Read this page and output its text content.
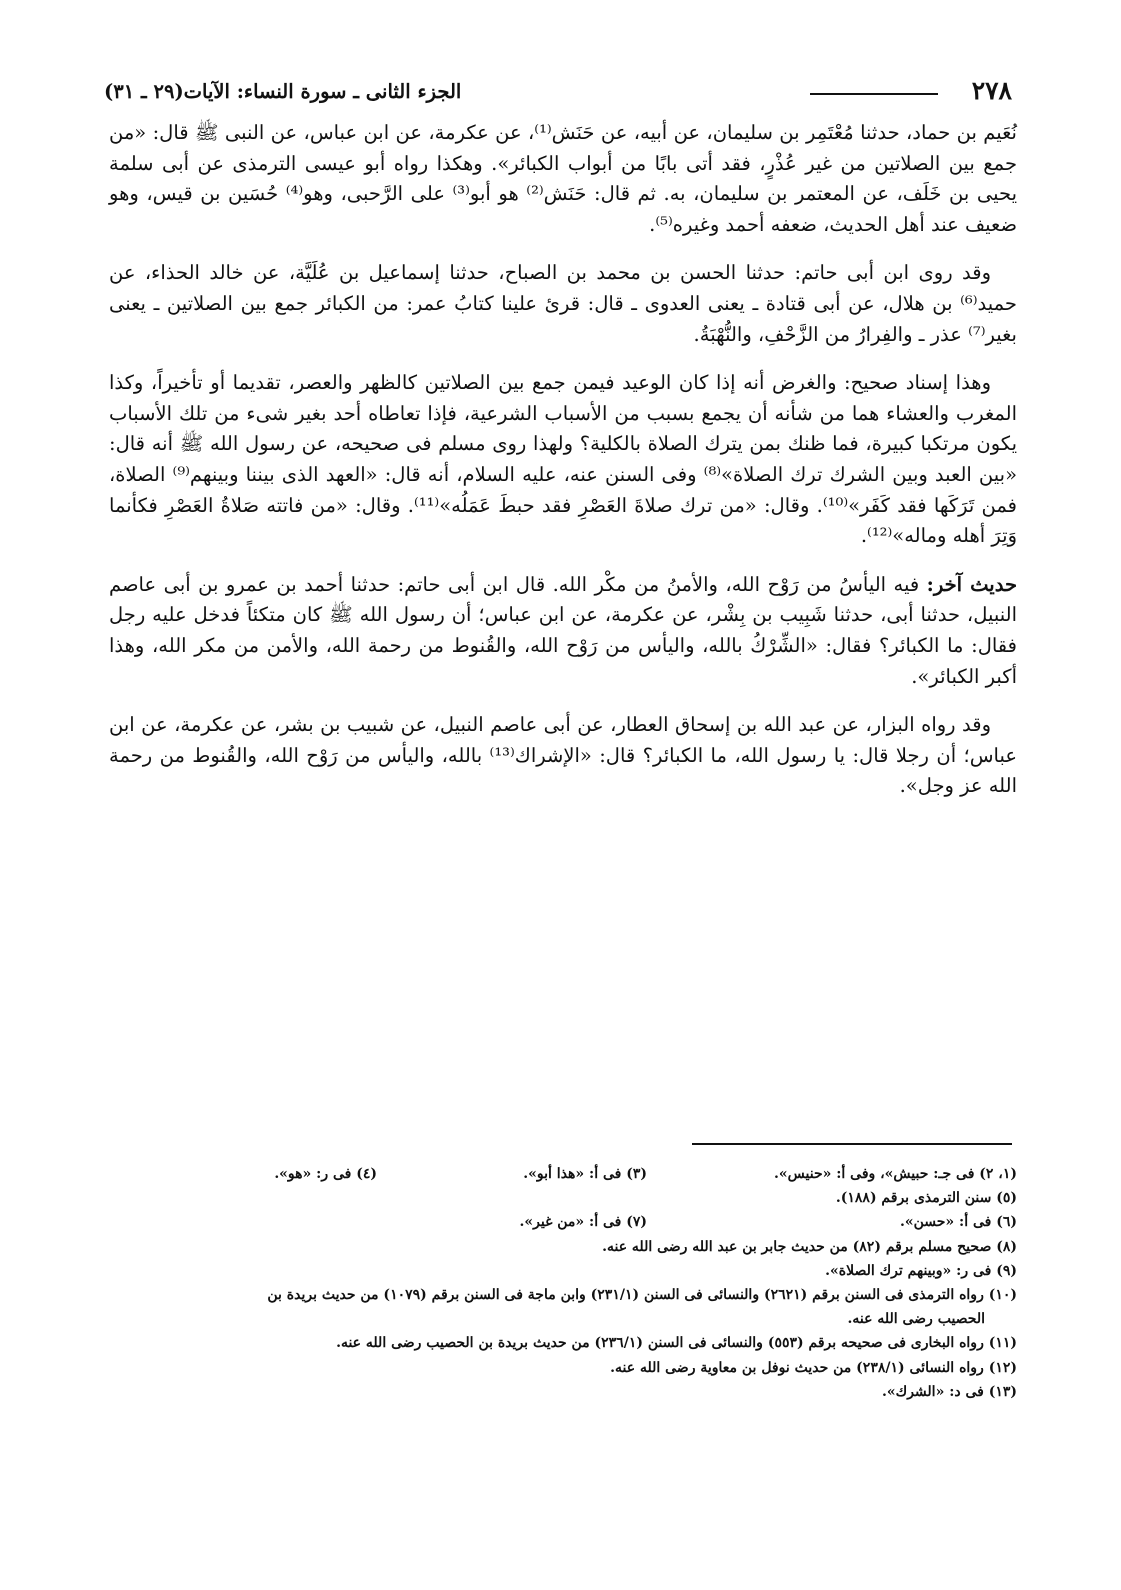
٢٧٨
الجزء الثانى ـ سورة النساء: الآيات(٢٩ ـ ٣١)

نُعَيم بن حماد، حدثنا مُعْتَمِر بن سليمان، عن أبيه، عن حَنَش⁽¹⁾، عن عكرمة، عن ابن عباس، عن النبى ﷺ قال: «من جمع بين الصلاتين من غير عُذْرٍ، فقد أتى بابًا من أبواب الكبائر». وهكذا رواه أبو عيسى الترمذى عن أبى سلمة يحيى بن خَلَف، عن المعتمر بن سليمان، به. ثم قال: حَنَش⁽²⁾ هو أبو⁽³⁾ على الرَّحبى، وهو⁽⁴⁾ حُسَين بن قيس، وهو ضعيف عند أهل الحديث، ضعفه أحمد وغيره⁽⁵⁾.

وقد روى ابن أبى حاتم: حدثنا الحسن بن محمد بن الصباح، حدثنا إسماعيل بن عُلَيَّة، عن خالد الحذاء، عن حميد⁽⁶⁾ بن هلال، عن أبى قتادة ـ يعنى العدوى ـ قال: قرئ علينا كتابُ عمر: من الكبائر جمع بين الصلاتين ـ يعنى بغير⁽⁷⁾ عذر ـ والفِرارُ من الزَّحْفِ، والنُّهْبَةُ.

وهذا إسناد صحيح: والغرض أنه إذا كان الوعيد فيمن جمع بين الصلاتين كالظهر والعصر، تقديما أو تأخيراً، وكذا المغرب والعشاء هما من شأنه أن يجمع بسبب من الأسباب الشرعية، فإذا تعاطاه أحد بغير شىء من تلك الأسباب يكون مرتكبا كبيرة، فما ظنك بمن يترك الصلاة بالكلية؟ ولهذا روى مسلم فى صحيحه، عن رسول الله ﷺ أنه قال: «بين العبد وبين الشرك ترك الصلاة»⁽⁸⁾ وفى السنن عنه، عليه السلام، أنه قال: «العهد الذى بيننا وبينهم⁽⁹⁾ الصلاة، فمن تَرَكَها فقد كَفَر»⁽¹⁰⁾. وقال: «من ترك صلاةَ العَصْرِ فقد حبطَ عَمَلُه»⁽¹¹⁾. وقال: «من فاتته صَلاةُ العَصْرِ فكأنما وَتِرَ أهله وماله»⁽¹²⁾.

حديث آخر: فيه اليأسُ من رَوْح الله، والأمنُ من مكْر الله. قال ابن أبى حاتم: حدثنا أحمد بن عمرو بن أبى عاصم النبيل، حدثنا أبى، حدثنا شَبِيب بن بِشْر، عن عكرمة، عن ابن عباس؛ أن رسول الله ﷺ كان متكئاً فدخل عليه رجل فقال: ما الكبائر؟ فقال: «الشِّرْكُ بالله، واليأس من رَوْح الله، والقُنوط من رحمة الله، والأمن من مكر الله، وهذا أكبر الكبائر».

وقد رواه البزار، عن عبد الله بن إسحاق العطار، عن أبى عاصم النبيل، عن شبيب بن بشر، عن عكرمة، عن ابن عباس؛ أن رجلا قال: يا رسول الله، ما الكبائر؟ قال: «الإشراك⁽¹³⁾ بالله، واليأس من رَوْح الله، والقُنوط من رحمة الله عز وجل».

(١، ٢) فى جـ: حبيش»، وفى أ: «حنيس».(٣) فى أ: «هذا أبو».(٤) فى ر: «هو».
(٥) سنن الترمذى برقم (١٨٨).
(٦) فى أ: «حسن».(٧) فى أ: «من غير».
(٨) صحيح مسلم برقم (٨٢) من حديث جابر بن عبد الله رضى الله عنه.
(٩) فى ر: «وبينهم ترك الصلاة».
(١٠) رواه الترمذى فى السنن برقم (٢٦٢١) والنسائى فى السنن (٢٣١/١) وابن ماجة فى السنن برقم (١٠٧٩) من حديث بريدة بن
الحصيب رضى الله عنه.
(١١) رواه البخارى فى صحيحه برقم (٥٥٣) والنسائى فى السنن (٢٣٦/١) من حديث بريدة بن الحصيب رضى الله عنه.
(١٢) رواه النسائى (٢٣٨/١) من حديث نوفل بن معاوية رضى الله عنه.
(١٣) فى د: «الشرك».
